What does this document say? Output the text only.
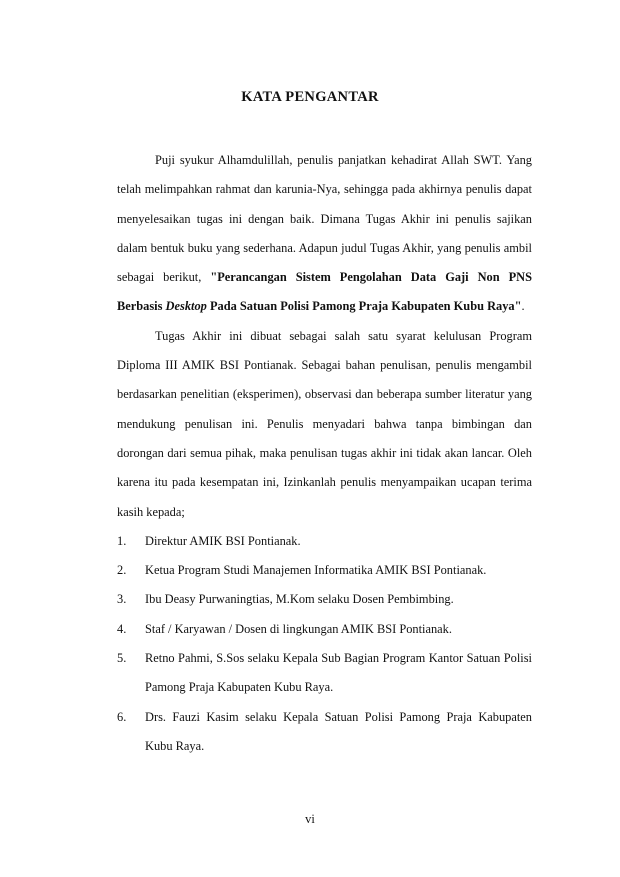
KATA PENGANTAR

Puji syukur Alhamdulillah, penulis panjatkan kehadirat Allah SWT. Yang telah melimpahkan rahmat dan karunia-Nya, sehingga pada akhirnya penulis dapat menyelesaikan tugas ini dengan baik. Dimana Tugas Akhir ini penulis sajikan dalam bentuk buku yang sederhana. Adapun judul Tugas Akhir, yang penulis ambil sebagai berikut, "Perancangan Sistem Pengolahan Data Gaji Non PNS Berbasis Desktop Pada Satuan Polisi Pamong Praja Kabupaten Kubu Raya".

Tugas Akhir ini dibuat sebagai salah satu syarat kelulusan Program Diploma III AMIK BSI Pontianak. Sebagai bahan penulisan, penulis mengambil berdasarkan penelitian (eksperimen), observasi dan beberapa sumber literatur yang mendukung penulisan ini. Penulis menyadari bahwa tanpa bimbingan dan dorongan dari semua pihak, maka penulisan tugas akhir ini tidak akan lancar. Oleh karena itu pada kesempatan ini, Izinkanlah penulis menyampaikan ucapan terima kasih kepada;

1. Direktur AMIK BSI Pontianak.
2. Ketua Program Studi Manajemen Informatika AMIK BSI Pontianak.
3. Ibu Deasy Purwaningtias, M.Kom selaku Dosen Pembimbing.
4. Staf / Karyawan / Dosen di lingkungan AMIK BSI Pontianak.
5. Retno Pahmi, S.Sos selaku Kepala Sub Bagian Program Kantor Satuan Polisi Pamong Praja Kabupaten Kubu Raya.
6. Drs. Fauzi Kasim selaku Kepala Satuan Polisi Pamong Praja Kabupaten Kubu Raya.
vi
